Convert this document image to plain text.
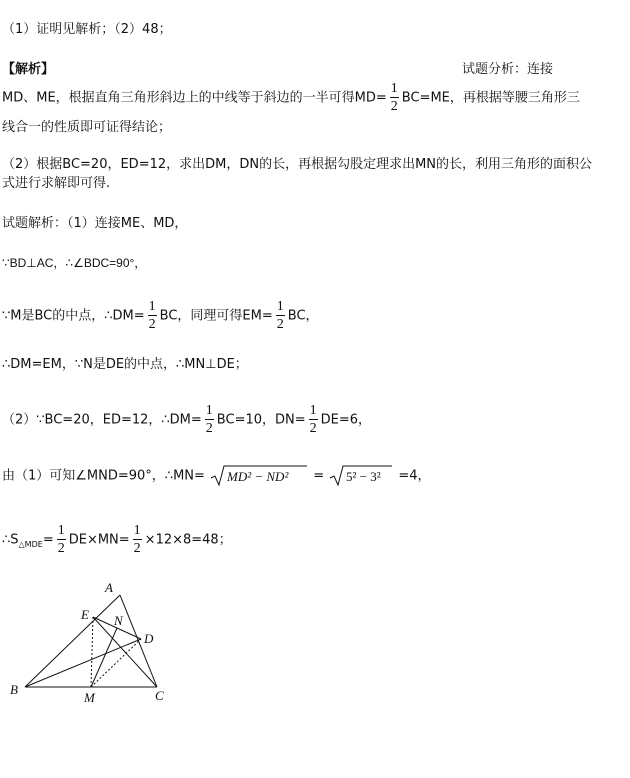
（1）证明见解析；（2）48；
【解析】	试题分析：连接
MD、ME，根据直角三角形斜边上的中线等于斜边的一半可得$MD= \frac{1}{2} BC=ME$，再根据等腰三角形三
线合一的性质即可证得结论；
（2）根据BC=20，ED=12，求出DM，DN的长，再根据勾股定理求出MN的长，利用三角形的面积公
式进行求解即可得.
试题解析：（1）连接ME、MD，
∵BD⊥AC，∴∠BDC=90°，
∵M是BC的中点，∴DM= $\frac{1}{2}$ BC，同理可得$EM= \frac{1}{2}$ BC，
∴DM=EM，∵N是DE的中点，∴MN⊥DE；
（2）∵BC=20，ED=12，∴DM= $\frac{1}{2} BC=10$，$DN= \frac{1}{2} DE=6$，
由（1）可知∠MND=90°，∴MN= MD² − ND² = 5² − 3² =4，
$\therefore S_{\triangle MDE}= \frac{1}{2} DE\times MN= \frac{1}{2} \times 12\times 8=48$；
A
B	C
D
E
M
N
